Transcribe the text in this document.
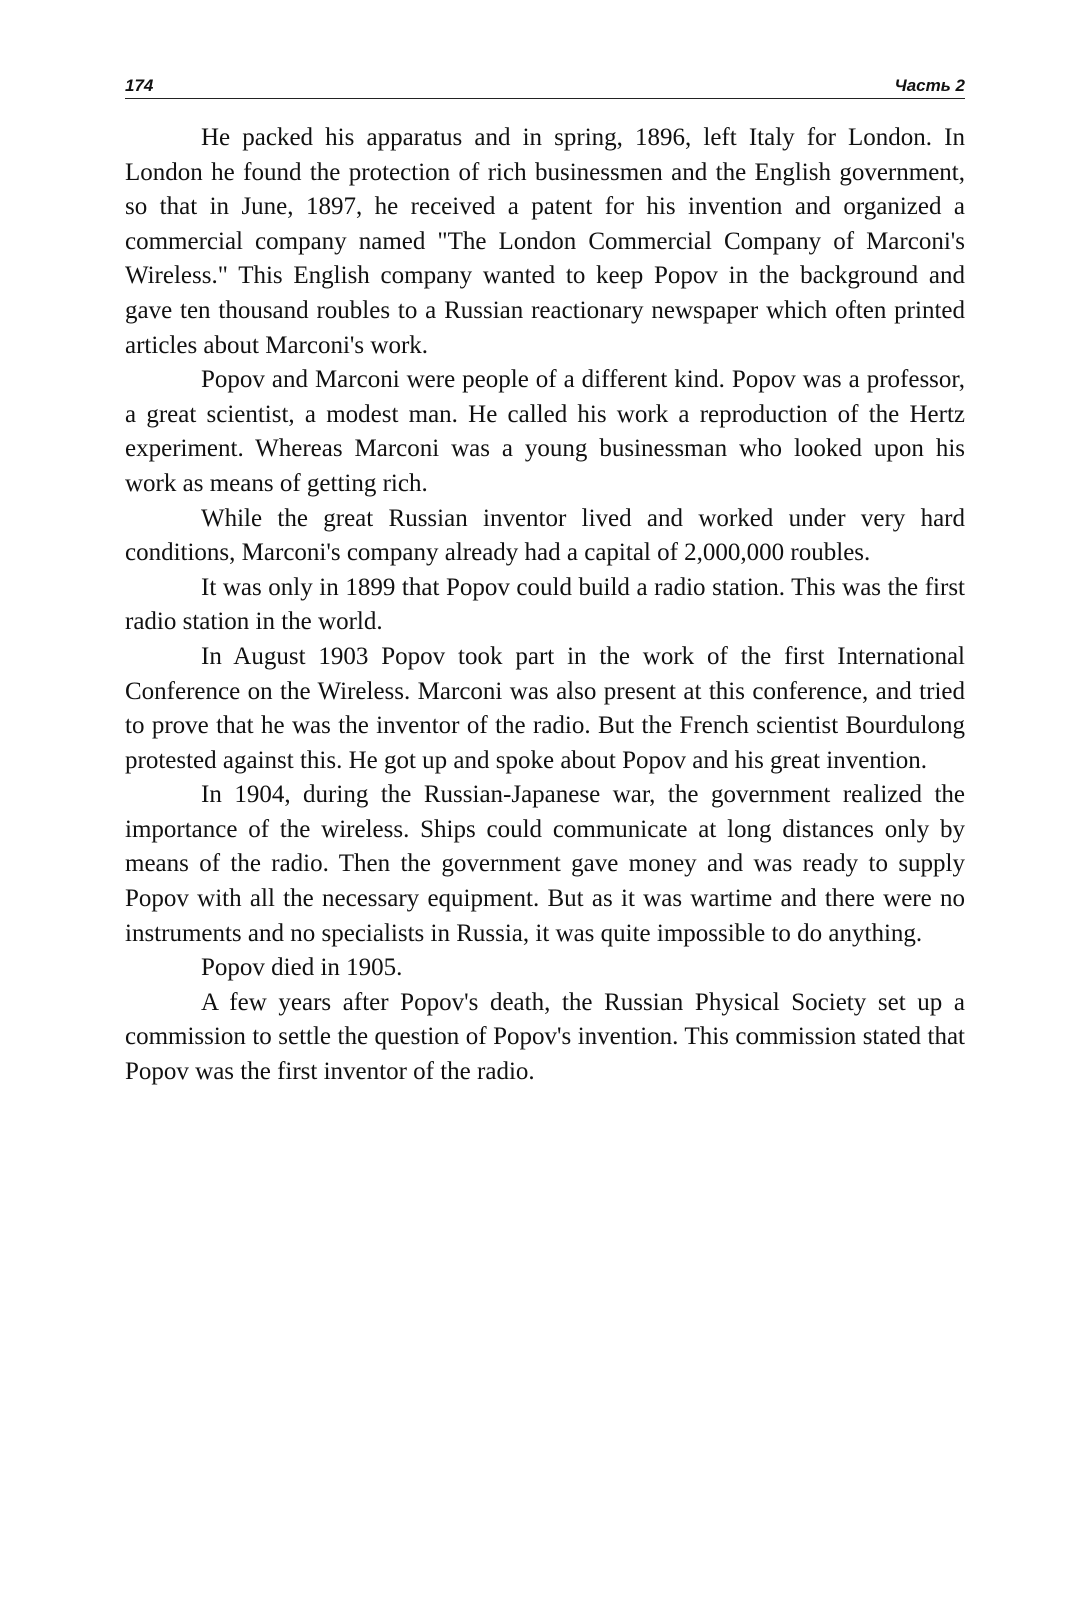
174	Часть 2

He packed his apparatus and in spring, 1896, left Italy for London. In London he found the protection of rich businessmen and the English government, so that in June, 1897, he received a patent for his invention and organized a commercial company named "The London Commercial Company of Marconi's Wireless." This English company wanted to keep Popov in the background and gave ten thousand roubles to a Russian reactionary newspaper which often printed articles about Marconi's work.

Popov and Marconi were people of a different kind. Popov was a professor, a great scientist, a modest man. He called his work a reproduction of the Hertz experiment. Whereas Marconi was a young businessman who looked upon his work as means of getting rich.

While the great Russian inventor lived and worked under very hard conditions, Marconi's company already had a capital of 2,000,000 roubles.

It was only in 1899 that Popov could build a radio station. This was the first radio station in the world.

In August 1903 Popov took part in the work of the first International Conference on the Wireless. Marconi was also present at this conference, and tried to prove that he was the inventor of the radio. But the French scientist Bourdulong protested against this. He got up and spoke about Popov and his great invention.

In 1904, during the Russian-Japanese war, the government realized the importance of the wireless. Ships could communicate at long distances only by means of the radio. Then the government gave money and was ready to supply Popov with all the necessary equipment. But as it was wartime and there were no instruments and no specialists in Russia, it was quite impossible to do anything.

Popov died in 1905.

A few years after Popov's death, the Russian Physical Society set up a commission to settle the question of Popov's invention. This commission stated that Popov was the first inventor of the radio.
